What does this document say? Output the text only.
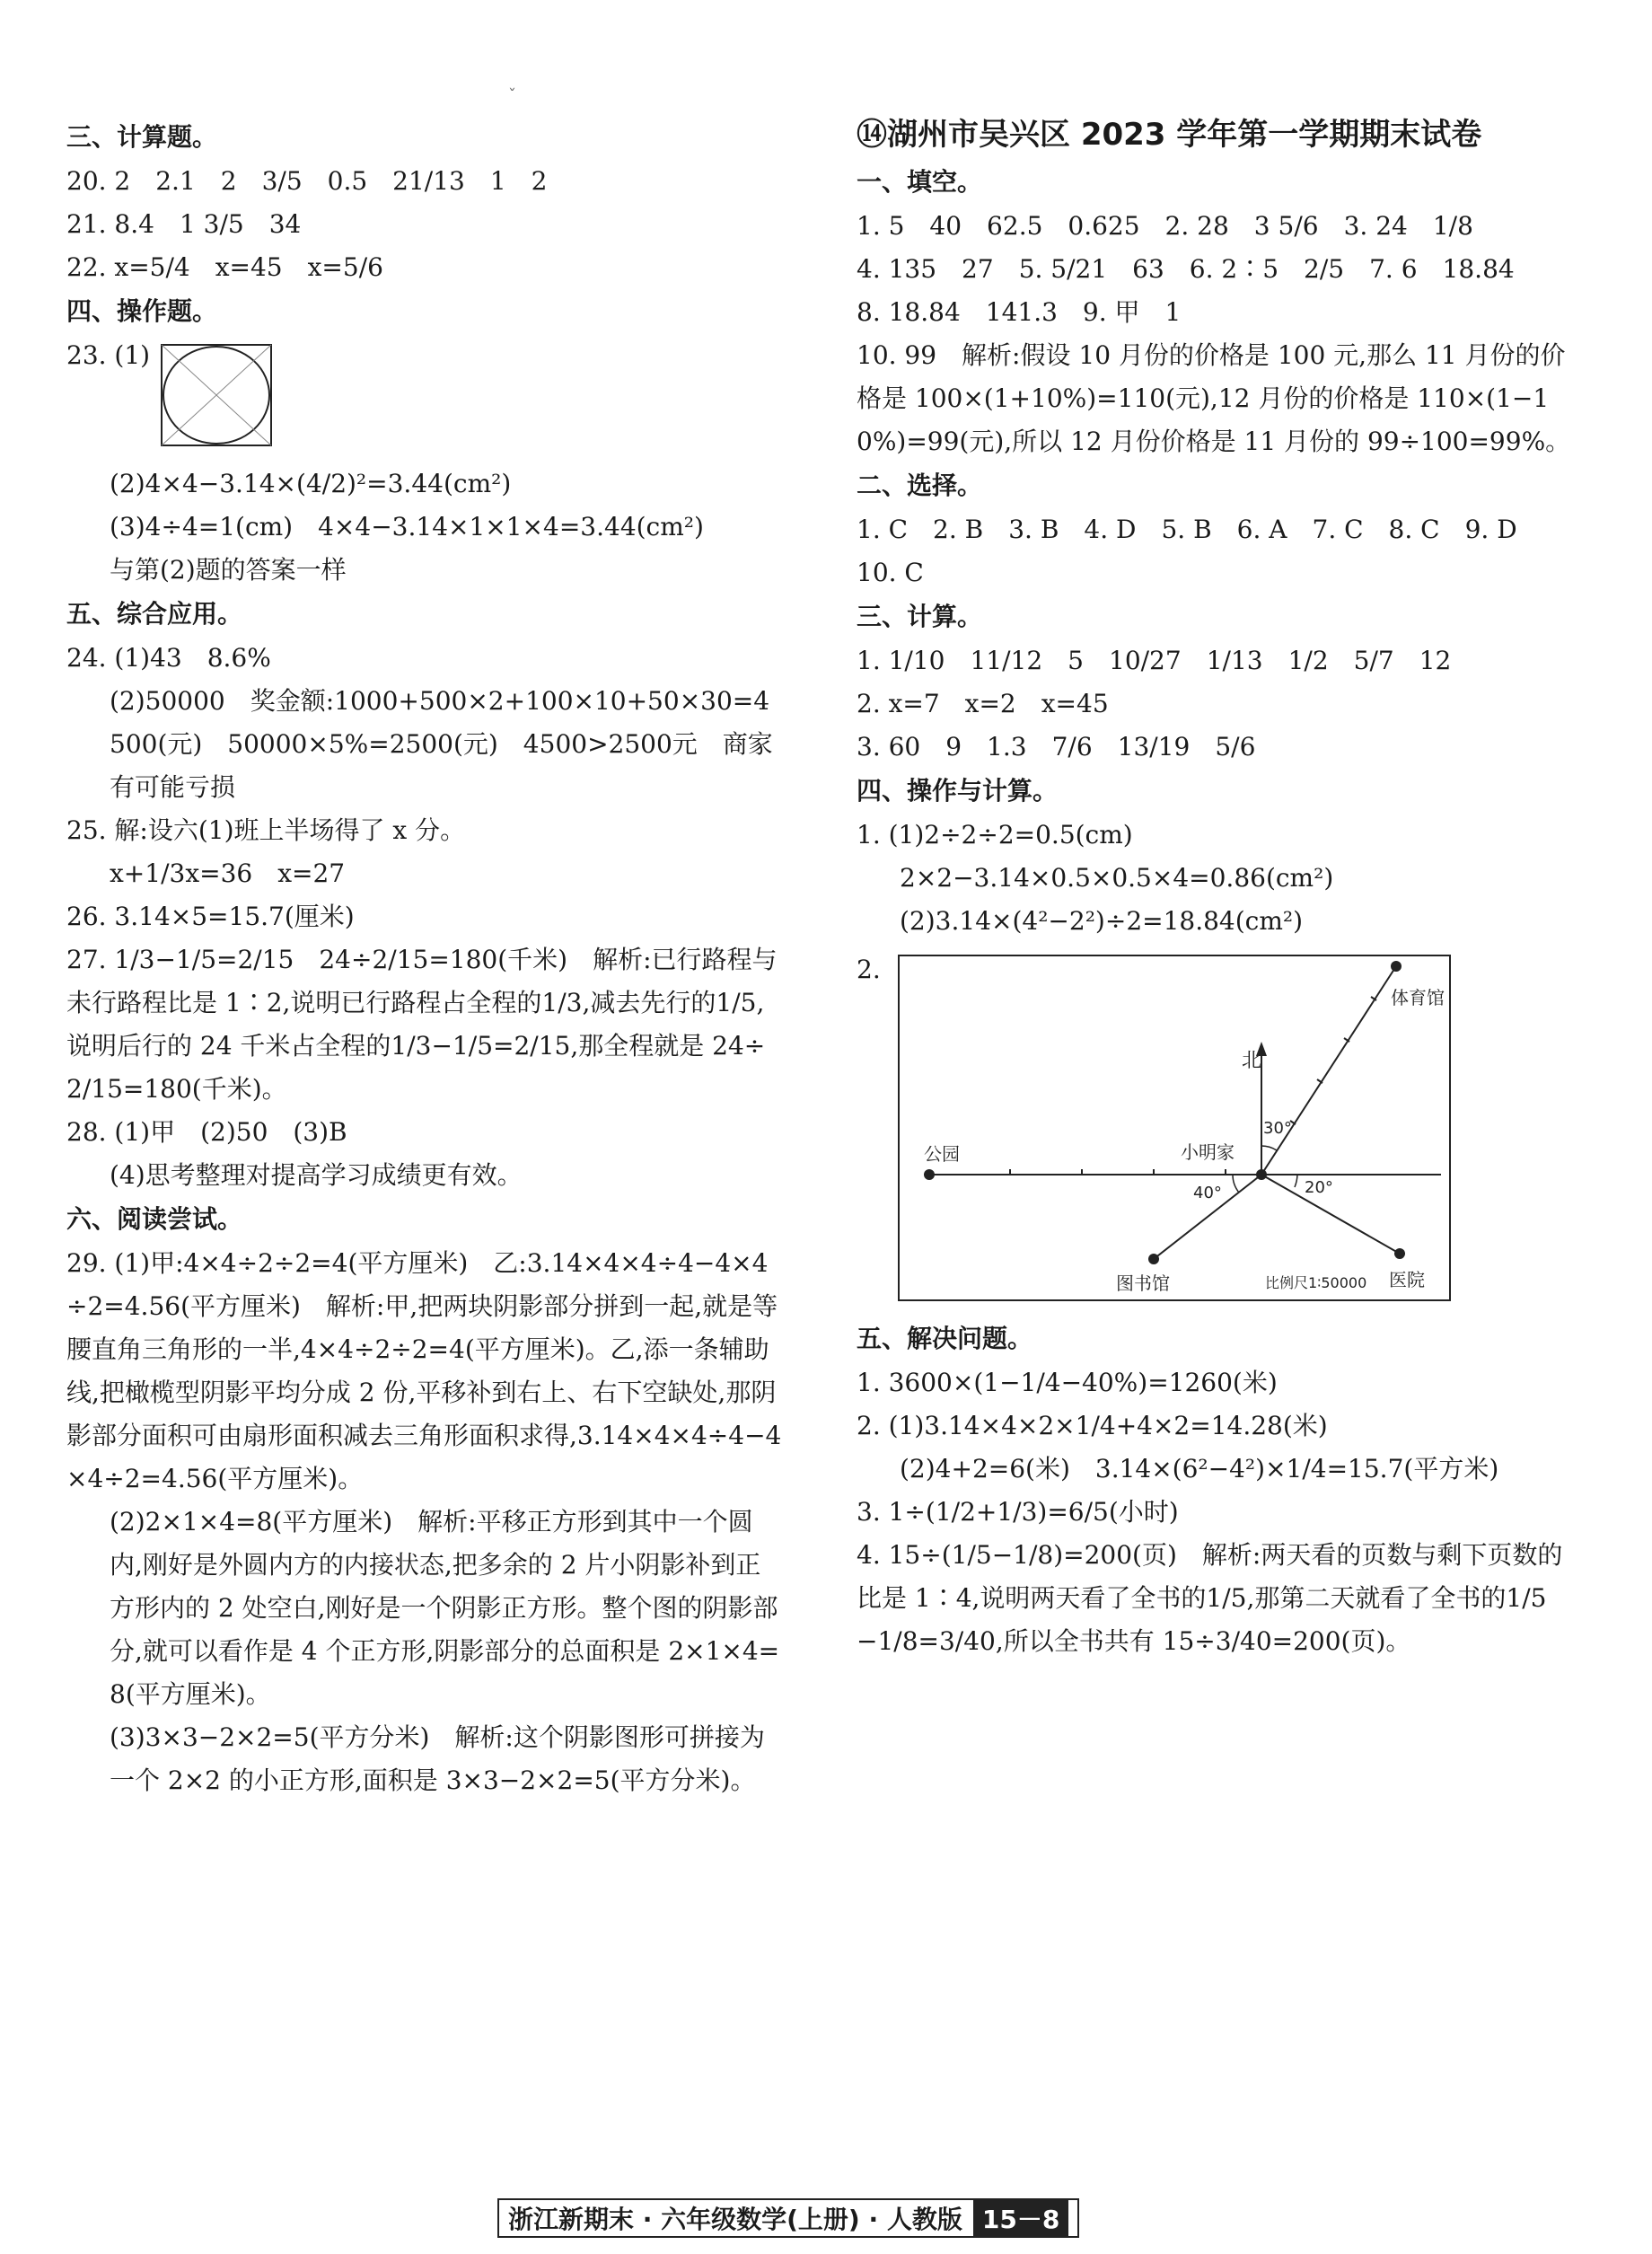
ˇ
三、计算题。
20. 2　2.1　2　3/5　0.5　21/13　1　2
21. 8.4　1 3/5　34
22. x=5/4　x=45　x=5/6
四、操作题。
23. (1)
(2)4×4−3.14×(4/2)²=3.44(cm²)
(3)4÷4=1(cm)　4×4−3.14×1×1×4=3.44(cm²)
与第(2)题的答案一样
五、综合应用。
24. (1)43　8.6%
(2)50000　奖金额:1000+500×2+100×10+50×30=4500(元)　50000×5%=2500(元)　4500>2500元　商家有可能亏损
25. 解:设六(1)班上半场得了 x 分。
x+1/3x=36　x=27
26. 3.14×5=15.7(厘米)
27. 1/3−1/5=2/15　24÷2/15=180(千米)　解析:已行路程与未行路程比是 1∶2,说明已行路程占全程的1/3,减去先行的1/5,说明后行的 24 千米占全程的1/3−1/5=2/15,那全程就是 24÷2/15=180(千米)。
28. (1)甲　(2)50　(3)B
(4)思考整理对提高学习成绩更有效。
六、阅读尝试。
29. (1)甲:4×4÷2÷2=4(平方厘米)　乙:3.14×4×4÷4−4×4÷2=4.56(平方厘米)　解析:甲,把两块阴影部分拼到一起,就是等腰直角三角形的一半,4×4÷2÷2=4(平方厘米)。乙,添一条辅助线,把橄榄型阴影平均分成 2 份,平移补到右上、右下空缺处,那阴影部分面积可由扇形面积减去三角形面积求得,3.14×4×4÷4−4×4÷2=4.56(平方厘米)。
(2)2×1×4=8(平方厘米)　解析:平移正方形到其中一个圆内,刚好是外圆内方的内接状态,把多余的 2 片小阴影补到正方形内的 2 处空白,刚好是一个阴影正方形。整个图的阴影部分,就可以看作是 4 个正方形,阴影部分的总面积是 2×1×4=8(平方厘米)。
(3)3×3−2×2=5(平方分米)　解析:这个阴影图形可拼接为一个 2×2 的小正方形,面积是 3×3−2×2=5(平方分米)。
⑭湖州市吴兴区 2023 学年第一学期期末试卷
一、填空。
1. 5　40　62.5　0.625　2. 28　3 5/6　3. 24　1/8
4. 135　27　5. 5/21　63　6. 2∶5　2/5　7. 6　18.84
8. 18.84　141.3　9. 甲　1
10. 99　解析:假设 10 月份的价格是 100 元,那么 11 月份的价格是 100×(1+10%)=110(元),12 月份的价格是 110×(1−10%)=99(元),所以 12 月份价格是 11 月份的 99÷100=99%。
二、选择。
1. C　2. B　3. B　4. D　5. B　6. A　7. C　8. C　9. D
10. C
三、计算。
1. 1/10　11/12　5　10/27　1/13　1/2　5/7　12
2. x=7　x=2　x=45
3. 60　9　1.3　7/6　13/19　5/6
四、操作与计算。
1. (1)2÷2÷2=0.5(cm)
2×2−3.14×0.5×0.5×4=0.86(cm²)
(2)3.14×(4²−2²)÷2=18.84(cm²)
2.
北
体育馆
公园	小明家
30°
图书馆
40°
医院
20°
比例尺1∶50000
五、解决问题。
1. 3600×(1−1/4−40%)=1260(米)
2. (1)3.14×4×2×1/4+4×2=14.28(米)
(2)4+2=6(米)　3.14×(6²−4²)×1/4=15.7(平方米)
3. 1÷(1/2+1/3)=6/5(小时)
4. 15÷(1/5−1/8)=200(页)　解析:两天看的页数与剩下页数的比是 1∶4,说明两天看了全书的1/5,那第二天就看了全书的1/5−1/8=3/40,所以全书共有 15÷3/40=200(页)。
浙江新期末 · 六年级数学(上册) · 人教版 15－8
